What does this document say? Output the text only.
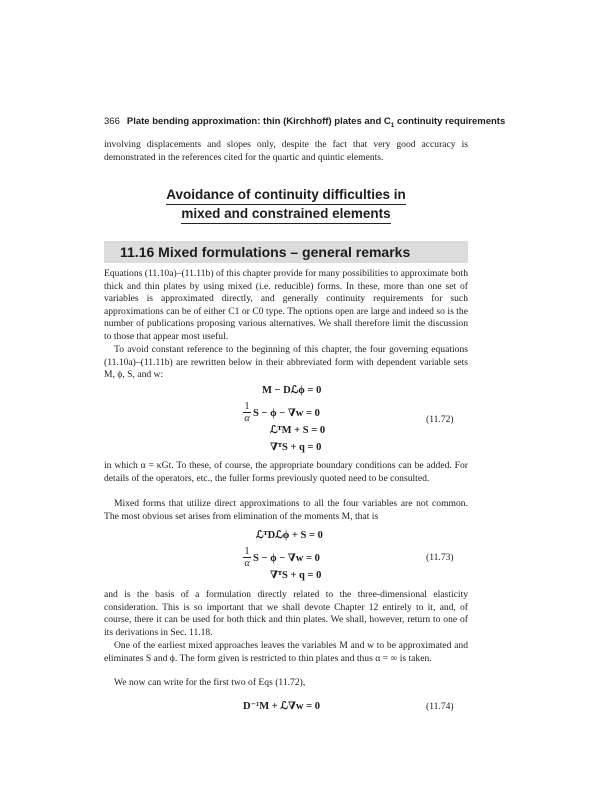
366 Plate bending approximation: thin (Kirchhoff) plates and $C_1$ continuity requirements

involving displacements and slopes only, despite the fact that very good accuracy is demonstrated in the references cited for the quartic and quintic elements.

Avoidance of continuity difficulties in
mixed and constrained elements
11.16 Mixed formulations – general remarks

Equations (11.10a)–(11.11b) of this chapter provide for many possibilities to approximate both thick and thin plates by using mixed (i.e. reducible) forms. In these, more than one set of variables is approximated directly, and generally continuity requirements for such approximations can be of either C1 or C0 type. The options open are large and indeed so is the number of publications proposing various alternatives. We shall therefore limit the discussion to those that appear most useful.

To avoid constant reference to the beginning of this chapter, the four governing equations (11.10a)–(11.11b) are rewritten below in their abbreviated form with dependent variable sets M, ϕ, S, and w:

M − Dℒϕ = 0
$\frac{1}{\alpha}$ S − ϕ − ∇w = 0
ℒᵀM + S = 0
∇ᵀS + q = 0
(11.72)

in which α = κGt. To these, of course, the appropriate boundary conditions can be added. For details of the operators, etc., the fuller forms previously quoted need to be consulted.

Mixed forms that utilize direct approximations to all the four variables are not common. The most obvious set arises from elimination of the moments M, that is

ℒᵀDℒϕ + S = 0
$\frac{1}{\alpha}$ S − ϕ − ∇w = 0
∇ᵀS + q = 0
(11.73)

and is the basis of a formulation directly related to the three-dimensional elasticity consideration. This is so important that we shall devote Chapter 12 entirely to it, and, of course, there it can be used for both thick and thin plates. We shall, however, return to one of its derivations in Sec. 11.18.

One of the earliest mixed approaches leaves the variables M and w to be approximated and eliminates S and ϕ. The form given is restricted to thin plates and thus α = ∞ is taken.

We now can write for the first two of Eqs (11.72),

D⁻¹M + ℒ∇w = 0	(11.74)
